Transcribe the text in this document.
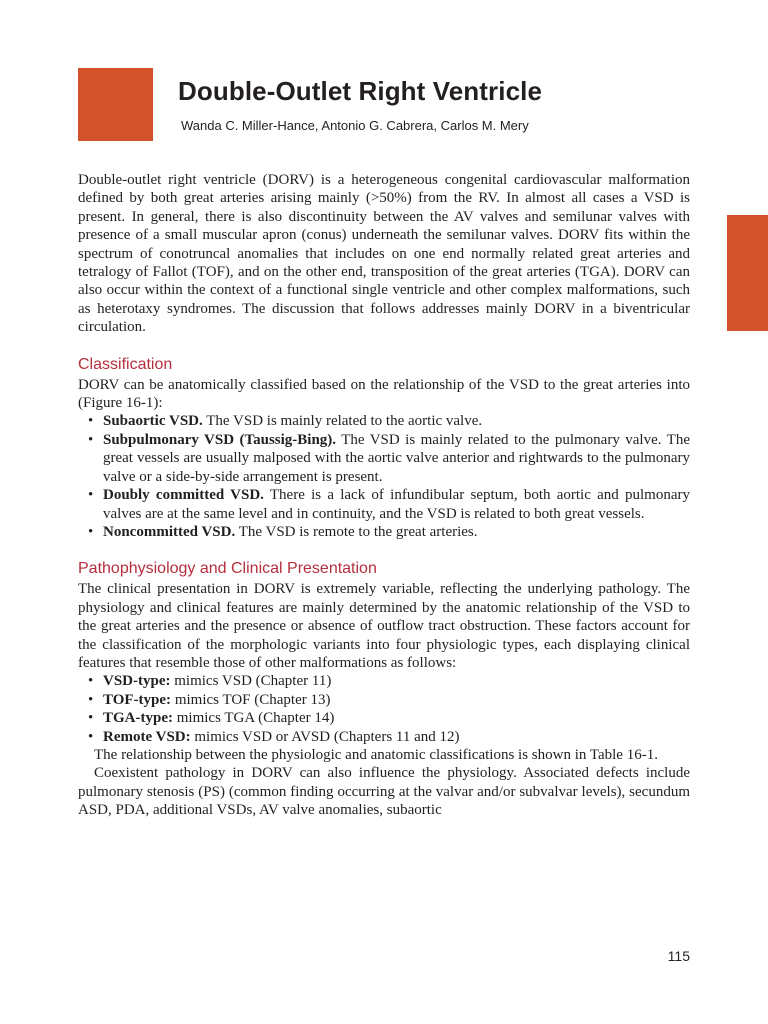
Double-Outlet Right Ventricle

Wanda C. Miller-Hance, Antonio G. Cabrera, Carlos M. Mery

Double-outlet right ventricle (DORV) is a heterogeneous congenital cardiovascular malformation defined by both great arteries arising mainly (>50%) from the RV. In almost all cases a VSD is present. In general, there is also discontinuity between the AV valves and semilunar valves with presence of a small muscular apron (conus) underneath the semilunar valves. DORV fits within the spectrum of conotruncal anomalies that includes on one end normally related great arteries and tetralogy of Fallot (TOF), and on the other end, transposition of the great arteries (TGA). DORV can also occur within the context of a functional single ventricle and other complex malformations, such as heterotaxy syndromes. The discussion that follows addresses mainly DORV in a biventricular circulation.

Classification

DORV can be anatomically classified based on the relationship of the VSD to the great arteries into (Figure 16-1):

• Subaortic VSD. The VSD is mainly related to the aortic valve.
• Subpulmonary VSD (Taussig-Bing). The VSD is mainly related to the pulmonary valve. The great vessels are usually malposed with the aortic valve anterior and rightwards to the pulmonary valve or a side-by-side arrangement is present.
• Doubly committed VSD. There is a lack of infundibular septum, both aortic and pulmonary valves are at the same level and in continuity, and the VSD is related to both great vessels.
• Noncommitted VSD. The VSD is remote to the great arteries.
Pathophysiology and Clinical Presentation

The clinical presentation in DORV is extremely variable, reflecting the underlying pathology. The physiology and clinical features are mainly determined by the anatomic relationship of the VSD to the great arteries and the presence or absence of outflow tract obstruction. These factors account for the classification of the morphologic variants into four physiologic types, each displaying clinical features that resemble those of other malformations as follows:

• VSD-type: mimics VSD (Chapter 11)
• TOF-type: mimics TOF (Chapter 13)
• TGA-type: mimics TGA (Chapter 14)
• Remote VSD: mimics VSD or AVSD (Chapters 11 and 12)

The relationship between the physiologic and anatomic classifications is shown in Table 16-1.

Coexistent pathology in DORV can also influence the physiology. Associated defects include pulmonary stenosis (PS) (common finding occurring at the valvar and/or subvalvar levels), secundum ASD, PDA, additional VSDs, AV valve anomalies, subaortic

115
